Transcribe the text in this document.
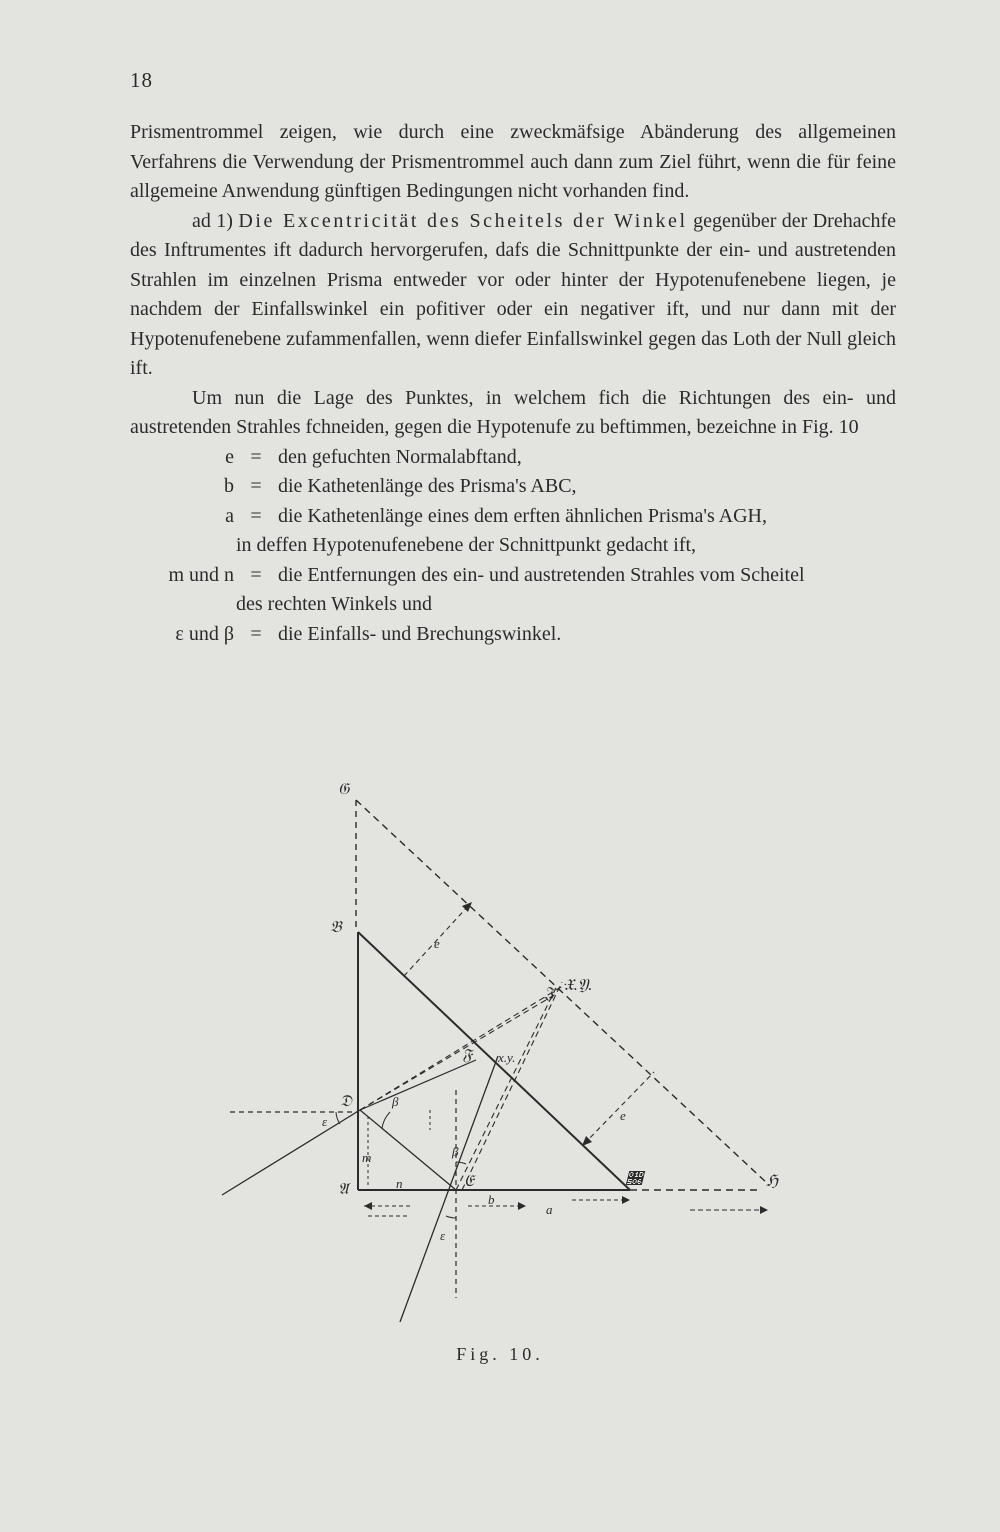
18

Prismentrommel zeigen, wie durch eine zweckmäfsige Abänderung des allgemeinen Verfahrens die Verwendung der Prismentrommel auch dann zum Ziel führt, wenn die für feine allgemeine Anwendung günftigen Bedingungen nicht vorhanden find.

ad 1) Die Excentricität des Scheitels der Winkel gegenüber der Drehachfe des Inftrumentes ift dadurch hervorgerufen, dafs die Schnittpunkte der ein- und austretenden Strahlen im einzelnen Prisma entweder vor oder hinter der Hypotenufenebene liegen, je nachdem der Einfallswinkel ein pofitiver oder ein negativer ift, und nur dann mit der Hypotenufenebene zufammenfallen, wenn diefer Einfallswinkel gegen das Loth der Null gleich ift.

Um nun die Lage des Punktes, in welchem fich die Richtungen des ein- und austretenden Strahles fchneiden, gegen die Hypotenufe zu beftimmen, bezeichne in Fig. 10

e = den gefuchten Normalabftand,
b = die Kathetenlänge des Prisma's ABC,
a = die Kathetenlänge eines dem erften ähnlichen Prisma's AGH,
in deffen Hypotenufenebene der Schnittpunkt gedacht ift,
m und n = die Entfernungen des ein- und austretenden Strahles vom Scheitel
des rechten Winkels und
ε und β = die Einfalls- und Brechungswinkel.
𝔊
𝔅
𝔇
𝔄	𝔈	𝔆	ℌ
𝔉
𝔍 𝔛.𝔜.
x.y.
m
n
b
a
e
e
ε
β
β
ε
Fig. 10.
